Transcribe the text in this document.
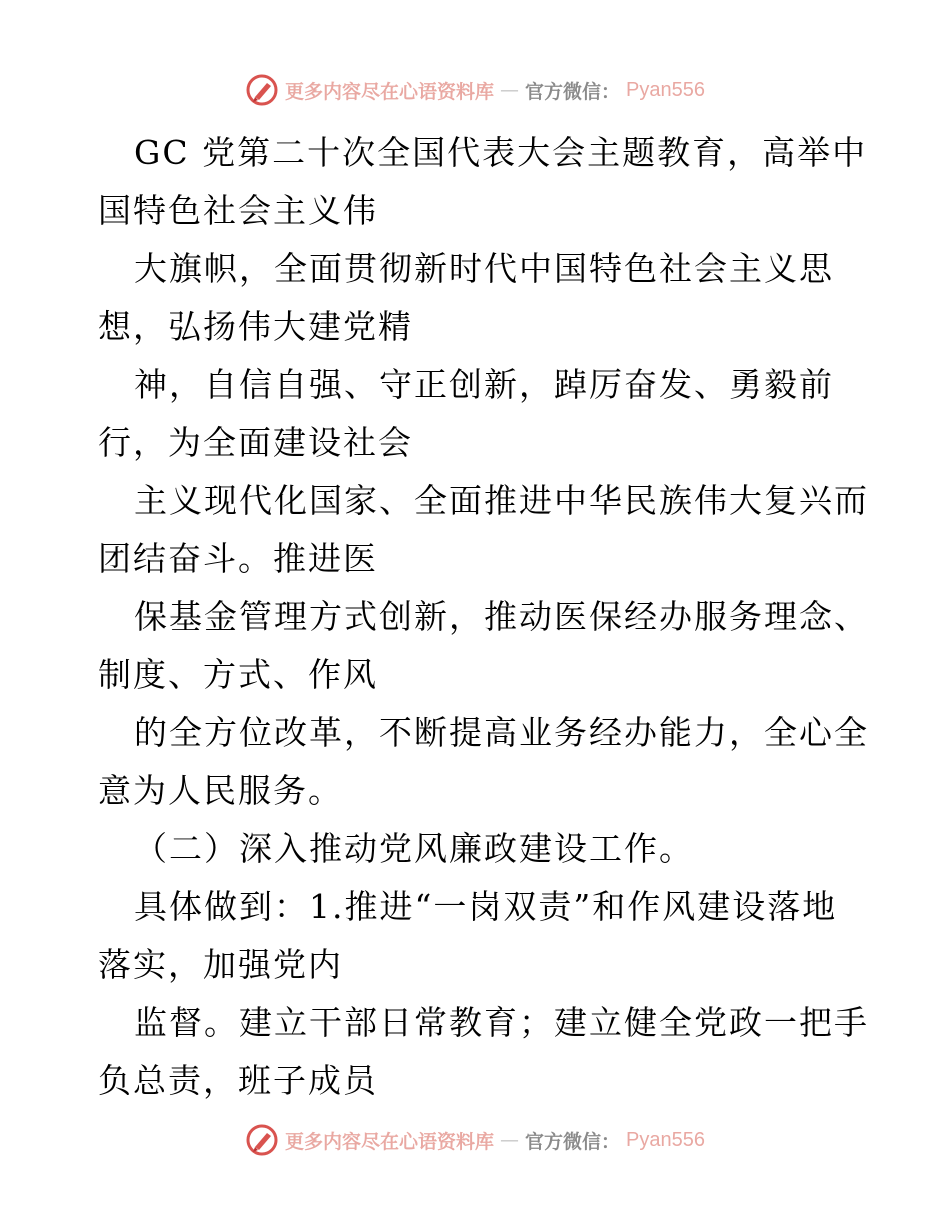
更多内容尽在心语资料库 — 官方微信： Pyan556
GC 党第二十次全国代表大会主题教育，高举中
国特色社会主义伟
大旗帜，全面贯彻新时代中国特色社会主义思
想，弘扬伟大建党精
神，自信自强、守正创新，踔厉奋发、勇毅前
行，为全面建设社会
主义现代化国家、全面推进中华民族伟大复兴而
团结奋斗。推进医
保基金管理方式创新，推动医保经办服务理念、
制度、方式、作风
的全方位改革，不断提高业务经办能力，全心全
意为人民服务。
（二）深入推动党风廉政建设工作。
具体做到：1.推进“一岗双责”和作风建设落地
落实，加强党内
监督。建立干部日常教育；建立健全党政一把手
负总责，班子成员
更多内容尽在心语资料库 — 官方微信： Pyan556
